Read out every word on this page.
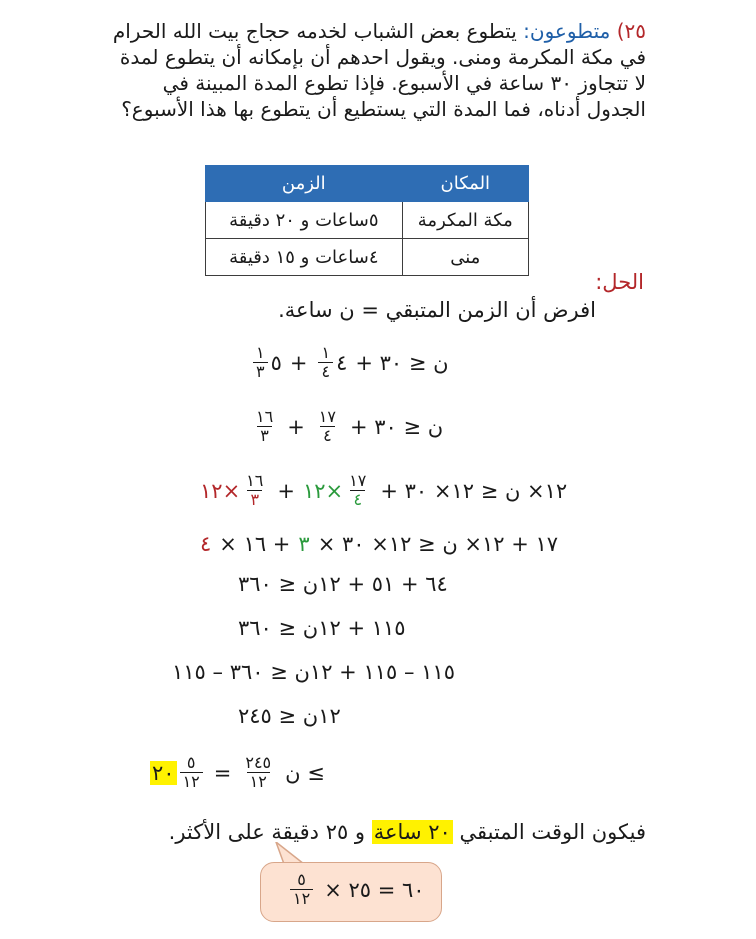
٢٥) متطوعون: يتطوع بعض الشباب لخدمه حجاج بيت الله الحرام في مكة المكرمة ومنى. ويقول احدهم أن بإمكانه أن يتطوع لمدة لا تتجاوز ٣٠ ساعة في الأسبوع. فإذا تطوع المدة المبينة في الجدول أدناه، فما المدة التي يستطيع أن يتطوع بها هذا الأسبوع؟
المكان	الزمن
مكة المكرمة	٥ساعات و ٢٠ دقيقة
منى	٤ساعات و ١٥ دقيقة
الحل:
افرض أن الزمن المتبقي = ن ساعة.
$\frac{١}{٣}$ ٥ + $\frac{١}{٤}$ ٤ + ن ≤ ٣٠
$\frac{١٦}{٣} + \frac{١٧}{٤}$ + ن ≤ ٣٠
١٢× $\frac{١٦}{٣}$ + ١٢× $\frac{١٧}{٤}$ + ١٢× ن ≤ ١٢× ٣٠
٤ × ١٦ + ٣ × ١٧ + ١٢× ن ≤ ١٢× ٣٠
٦٤ + ٥١ + ١٢ن ≤ ٣٦٠
١١٥ + ١٢ن ≤ ٣٦٠
١١٥ – ١١٥ + ١٢ن ≤ ٣٦٠ – ١١٥
١٢ن ≤ ٢٤٥
٢٠ $\frac{٥}{١٢} = \frac{٢٤٥}{١٢}$ ن ≤
فيكون الوقت المتبقي ٢٠ ساعة و ٢٥ دقيقة على الأكثر.
$\frac{٥}{١٢}$ × ٦٠ = ٢٥
